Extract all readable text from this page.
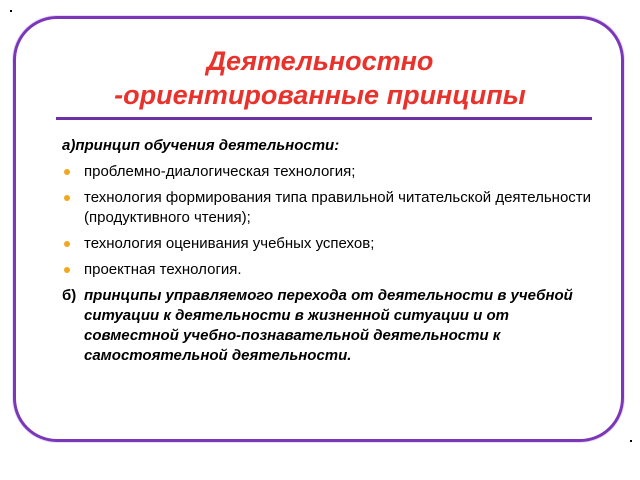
Деятельностно
-ориентированные принципы
а)принцип обучения деятельности:
проблемно-диалогическая технология;
технология формирования типа правильной читательской деятельности (продуктивного чтения);
технология оценивания учебных успехов;
проектная технология.
б) принципы управляемого перехода от деятельности в учебной ситуации к деятельности в жизненной ситуации и от совместной учебно-познавательной деятельности к самостоятельной деятельности.
